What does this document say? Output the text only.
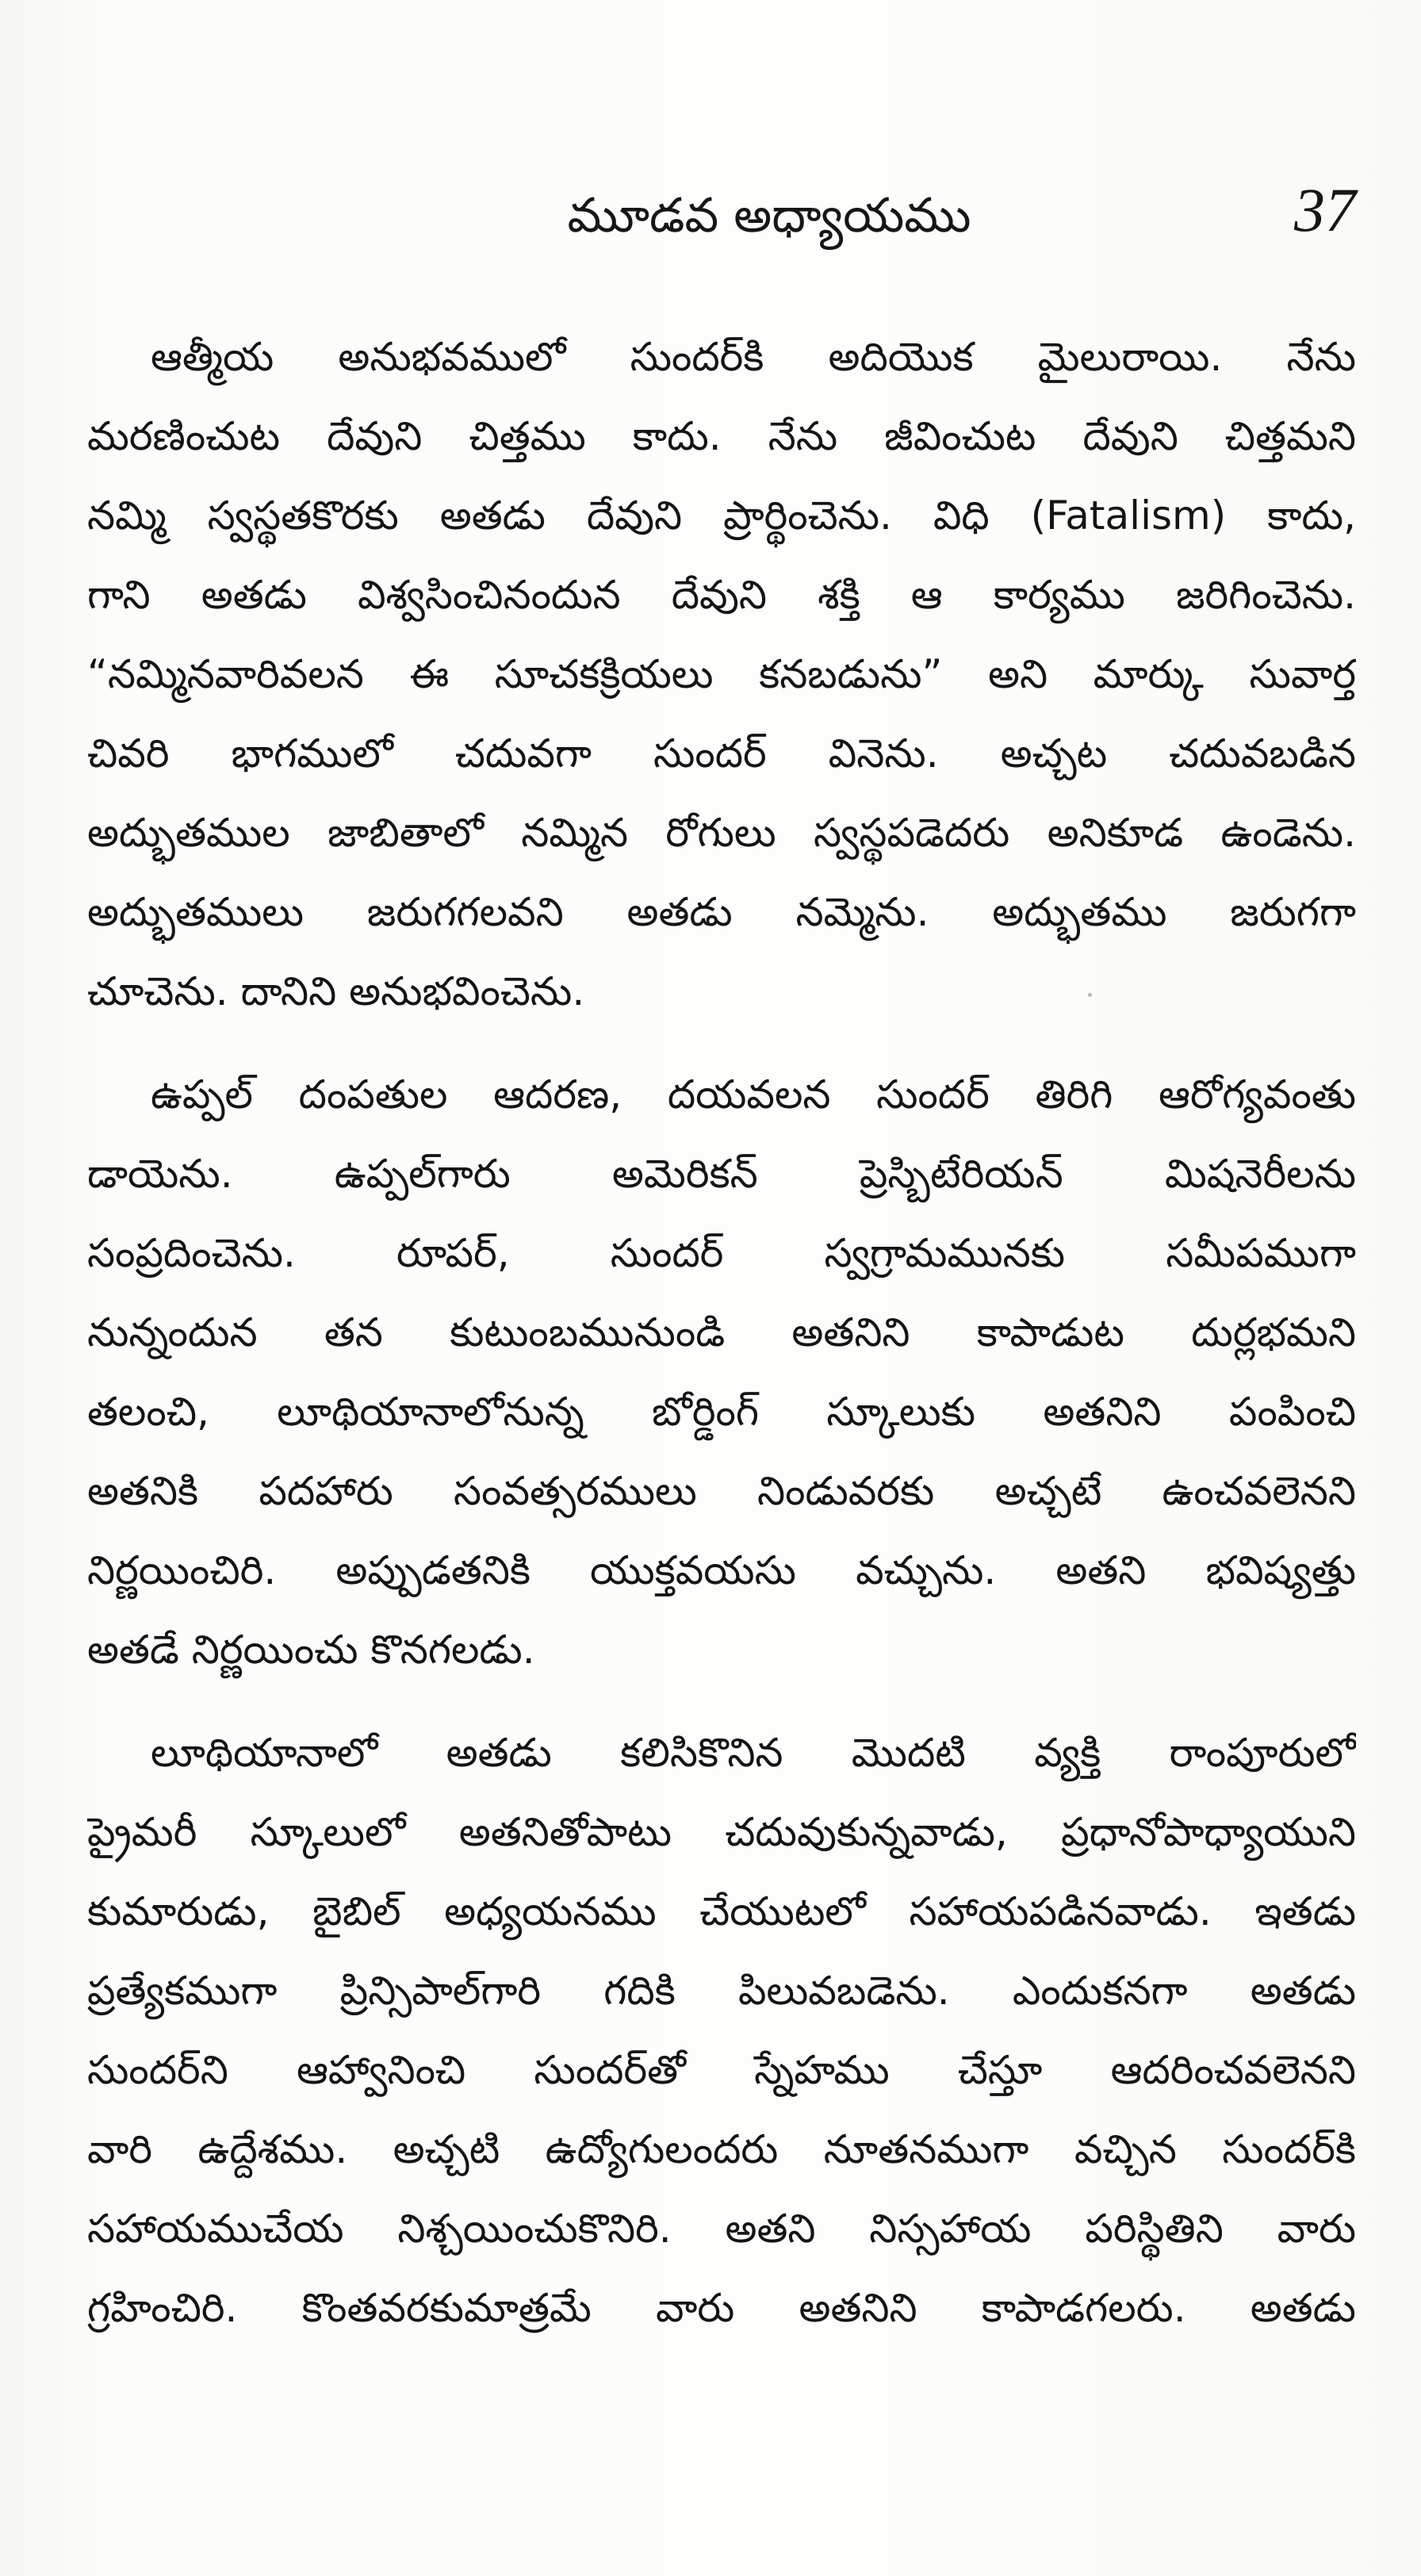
మూడవ అధ్యాయము	37
ఆత్మీయ అనుభవములో సుందర్‌కి అదియొక మైలురాయి. నేను
మరణించుట దేవుని చిత్తము కాదు. నేను జీవించుట దేవుని చిత్తమని
నమ్మి స్వస్థతకొరకు అతడు దేవుని ప్రార్థించెను. విధి (Fatalism) కాదు,
గాని అతడు విశ్వసించినందున దేవుని శక్తి ఆ కార్యము జరిగించెను.
“నమ్మినవారివలన ఈ సూచకక్రియలు కనబడును” అని మార్కు సువార్త
చివరి భాగములో చదువగా సుందర్ వినెను. అచ్చట చదువబడిన
అద్భుతముల జాబితాలో నమ్మిన రోగులు స్వస్థపడెదరు అనికూడ ఉండెను.
అద్భుతములు జరుగగలవని అతడు నమ్మెను. అద్భుతము జరుగగా
చూచెను. దానిని అనుభవించెను.
ఉప్పల్ దంపతుల ఆదరణ, దయవలన సుందర్ తిరిగి ఆరోగ్యవంతు
డాయెను. ఉప్పల్‌గారు అమెరికన్ ప్రెస్బిటేరియన్ మిషనెరీలను
సంప్రదించెను. రూపర్, సుందర్ స్వగ్రామమునకు సమీపముగా
నున్నందున తన కుటుంబమునుండి అతనిని కాపాడుట దుర్లభమని
తలంచి, లూథియానాలోనున్న బోర్డింగ్ స్కూలుకు అతనిని పంపించి
అతనికి పదహారు సంవత్సరములు నిండువరకు అచ్చటే ఉంచవలెనని
నిర్ణయించిరి. అప్పుడతనికి యుక్తవయసు వచ్చును. అతని భవిష్యత్తు
అతడే నిర్ణయించు కొనగలడు.
లూథియానాలో అతడు కలిసికొనిన మొదటి వ్యక్తి రాంపూరులో
ప్రైమరీ స్కూలులో అతనితోపాటు చదువుకున్నవాడు, ప్రధానోపాధ్యాయుని
కుమారుడు, బైబిల్ అధ్యయనము చేయుటలో సహాయపడినవాడు. ఇతడు
ప్రత్యేకముగా ప్రిన్సిపాల్‌గారి గదికి పిలువబడెను. ఎందుకనగా అతడు
సుందర్‌ని ఆహ్వానించి సుందర్‌తో స్నేహము చేస్తూ ఆదరించవలెనని
వారి ఉద్దేశము. అచ్చటి ఉద్యోగులందరు నూతనముగా వచ్చిన సుందర్‌కి
సహాయముచేయ నిశ్చయించుకొనిరి. అతని నిస్సహాయ పరిస్థితిని వారు
గ్రహించిరి. కొంతవరకుమాత్రమే వారు అతనిని కాపాడగలరు. అతడు
